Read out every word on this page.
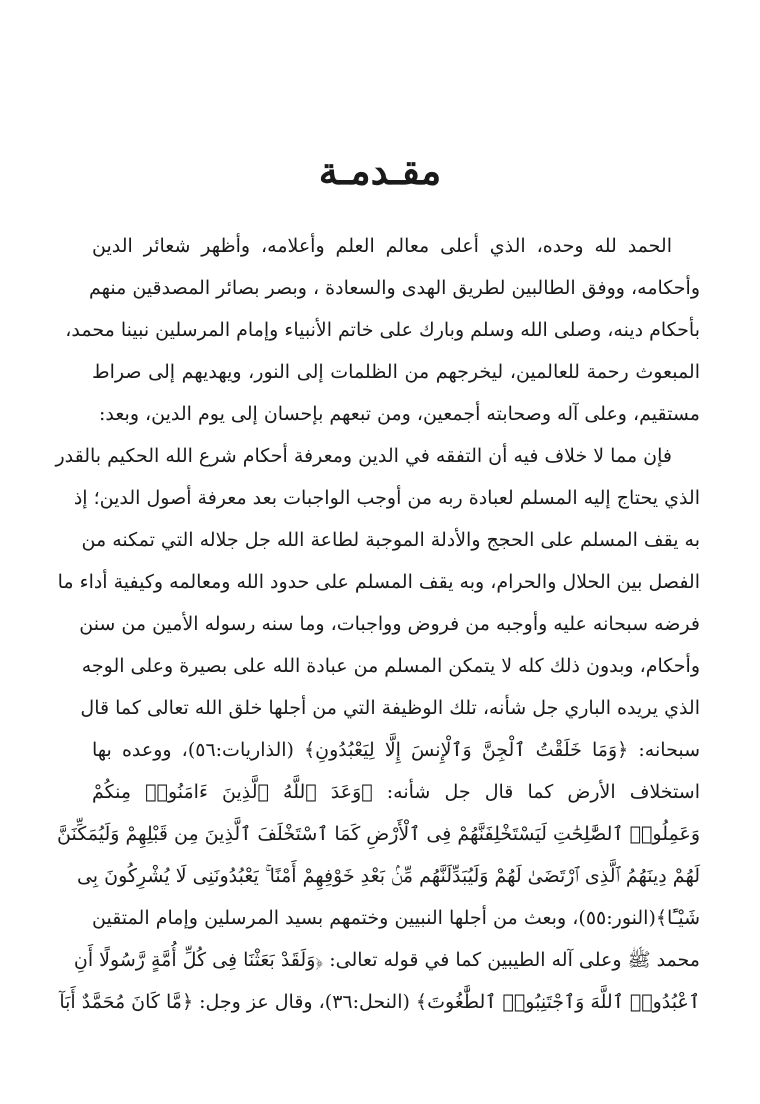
مقـدمـة
الحمد لله وحده، الذي أعلى معالم العلم وأعلامه، وأظهر شعائر الدين
وأحكامه، ووفق الطالبين لطريق الهدى والسعادة ، وبصر بصائر المصدقين منهم
بأحكام دينه، وصلى الله وسلم وبارك على خاتم الأنبياء وإمام المرسلين نبينا محمد،
المبعوث رحمة للعالمين، ليخرجهم من الظلمات إلى النور، ويهديهم إلى صراط
مستقيم، وعلى آله وصحابته أجمعين، ومن تبعهم بإحسان إلى يوم الدين، وبعد:
فإن مما لا خلاف فيه أن التفقه في الدين ومعرفة أحكام شرع الله الحكيم بالقدر
الذي يحتاج إليه المسلم لعبادة ربه من أوجب الواجبات بعد معرفة أصول الدين؛ إذ
به يقف المسلم على الحجج والأدلة الموجبة لطاعة الله جل جلاله التي تمكنه من
الفصل بين الحلال والحرام، وبه يقف المسلم على حدود الله ومعالمه وكيفية أداء ما
فرضه سبحانه عليه وأوجبه من فروض وواجبات، وما سنه رسوله الأمين من سنن
وأحكام، وبدون ذلك كله لا يتمكن المسلم من عبادة الله على بصيرة وعلى الوجه
الذي يريده الباري جل شأنه، تلك الوظيفة التي من أجلها خلق الله تعالى كما قال
سبحانه: ﴿وَمَا خَلَقْتُ ٱلْجِنَّ وَٱلْإِنسَ إِلَّا لِيَعْبُدُونِ﴾ (الذاريات:٥٦)، ووعده بها
استخلاف الأرض كما قال جل شأنه: ﴿وَعَدَ ٱللَّهُ ٱلَّذِينَ ءَامَنُوا۟ مِنكُمْ
وَعَمِلُوا۟ ٱلصَّٰلِحَٰتِ لَيَسْتَخْلِفَنَّهُمْ فِى ٱلْأَرْضِ كَمَا ٱسْتَخْلَفَ ٱلَّذِينَ مِن قَبْلِهِمْ وَلَيُمَكِّنَنَّ
لَهُمْ دِينَهُمُ ٱلَّذِى ٱرْتَضَىٰ لَهُمْ وَلَيُبَدِّلَنَّهُم مِّنۢ بَعْدِ خَوْفِهِمْ أَمْنًا ۚ يَعْبُدُونَنِى لَا يُشْرِكُونَ بِى
شَيْـًٔا﴾(النور:٥٥)، وبعث من أجلها النبيين وختمهم بسيد المرسلين وإمام المتقين
محمد ﷺ وعلى آله الطيبين كما في قوله تعالى: ﴿وَلَقَدْ بَعَثْنَا فِى كُلِّ أُمَّةٍ رَّسُولًا أَنِ
ٱعْبُدُوا۟ ٱللَّهَ وَٱجْتَنِبُوا۟ ٱلطَّٰغُوتَ﴾ (النحل:٣٦)، وقال عز وجل: ﴿مَّا كَانَ مُحَمَّدٌ أَبَآ
